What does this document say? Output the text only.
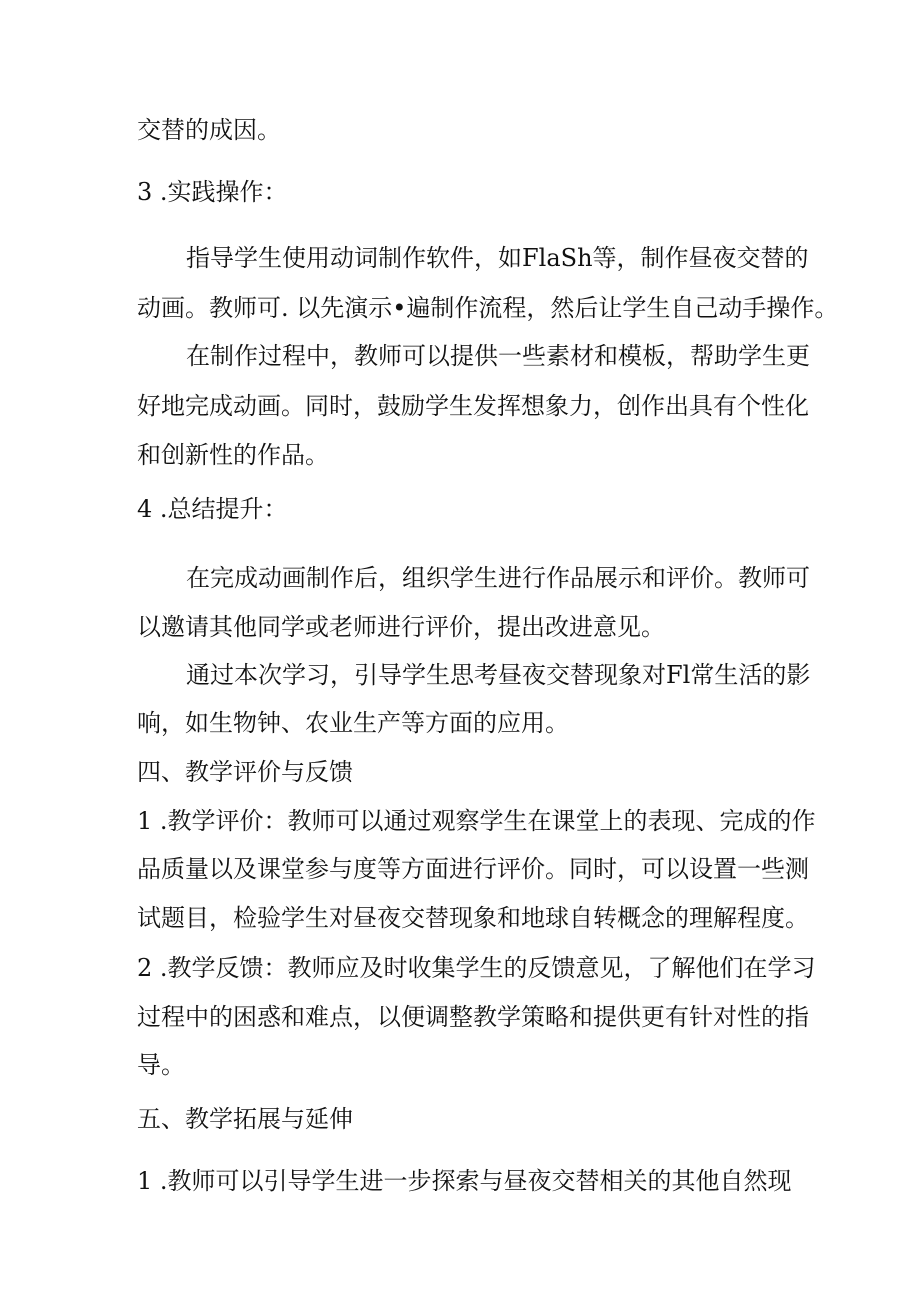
交替的成因。
3 .实践操作：
指导学生使用动词制作软件，如FlaSh等，制作昼夜交替的
动画。教师可. 以先演示•遍制作流程，然后让学生自己动手操作。
在制作过程中，教师可以提供一些素材和模板，帮助学生更
好地完成动画。同时，鼓励学生发挥想象力，创作出具有个性化
和创新性的作品。
4 .总结提升：
在完成动画制作后，组织学生进行作品展示和评价。教师可
以邀请其他同学或老师进行评价，提出改进意见。
通过本次学习，引导学生思考昼夜交替现象对Fl常生活的影
响，如生物钟、农业生产等方面的应用。
四、教学评价与反馈
1 .教学评价：教师可以通过观察学生在课堂上的表现、完成的作
品质量以及课堂参与度等方面进行评价。同时，可以设置一些测
试题目，检验学生对昼夜交替现象和地球自转概念的理解程度。
2 .教学反馈：教师应及时收集学生的反馈意见，了解他们在学习
过程中的困惑和难点，以便调整教学策略和提供更有针对性的指
导。
五、教学拓展与延伸
1 .教师可以引导学生进一步探索与昼夜交替相关的其他自然现
